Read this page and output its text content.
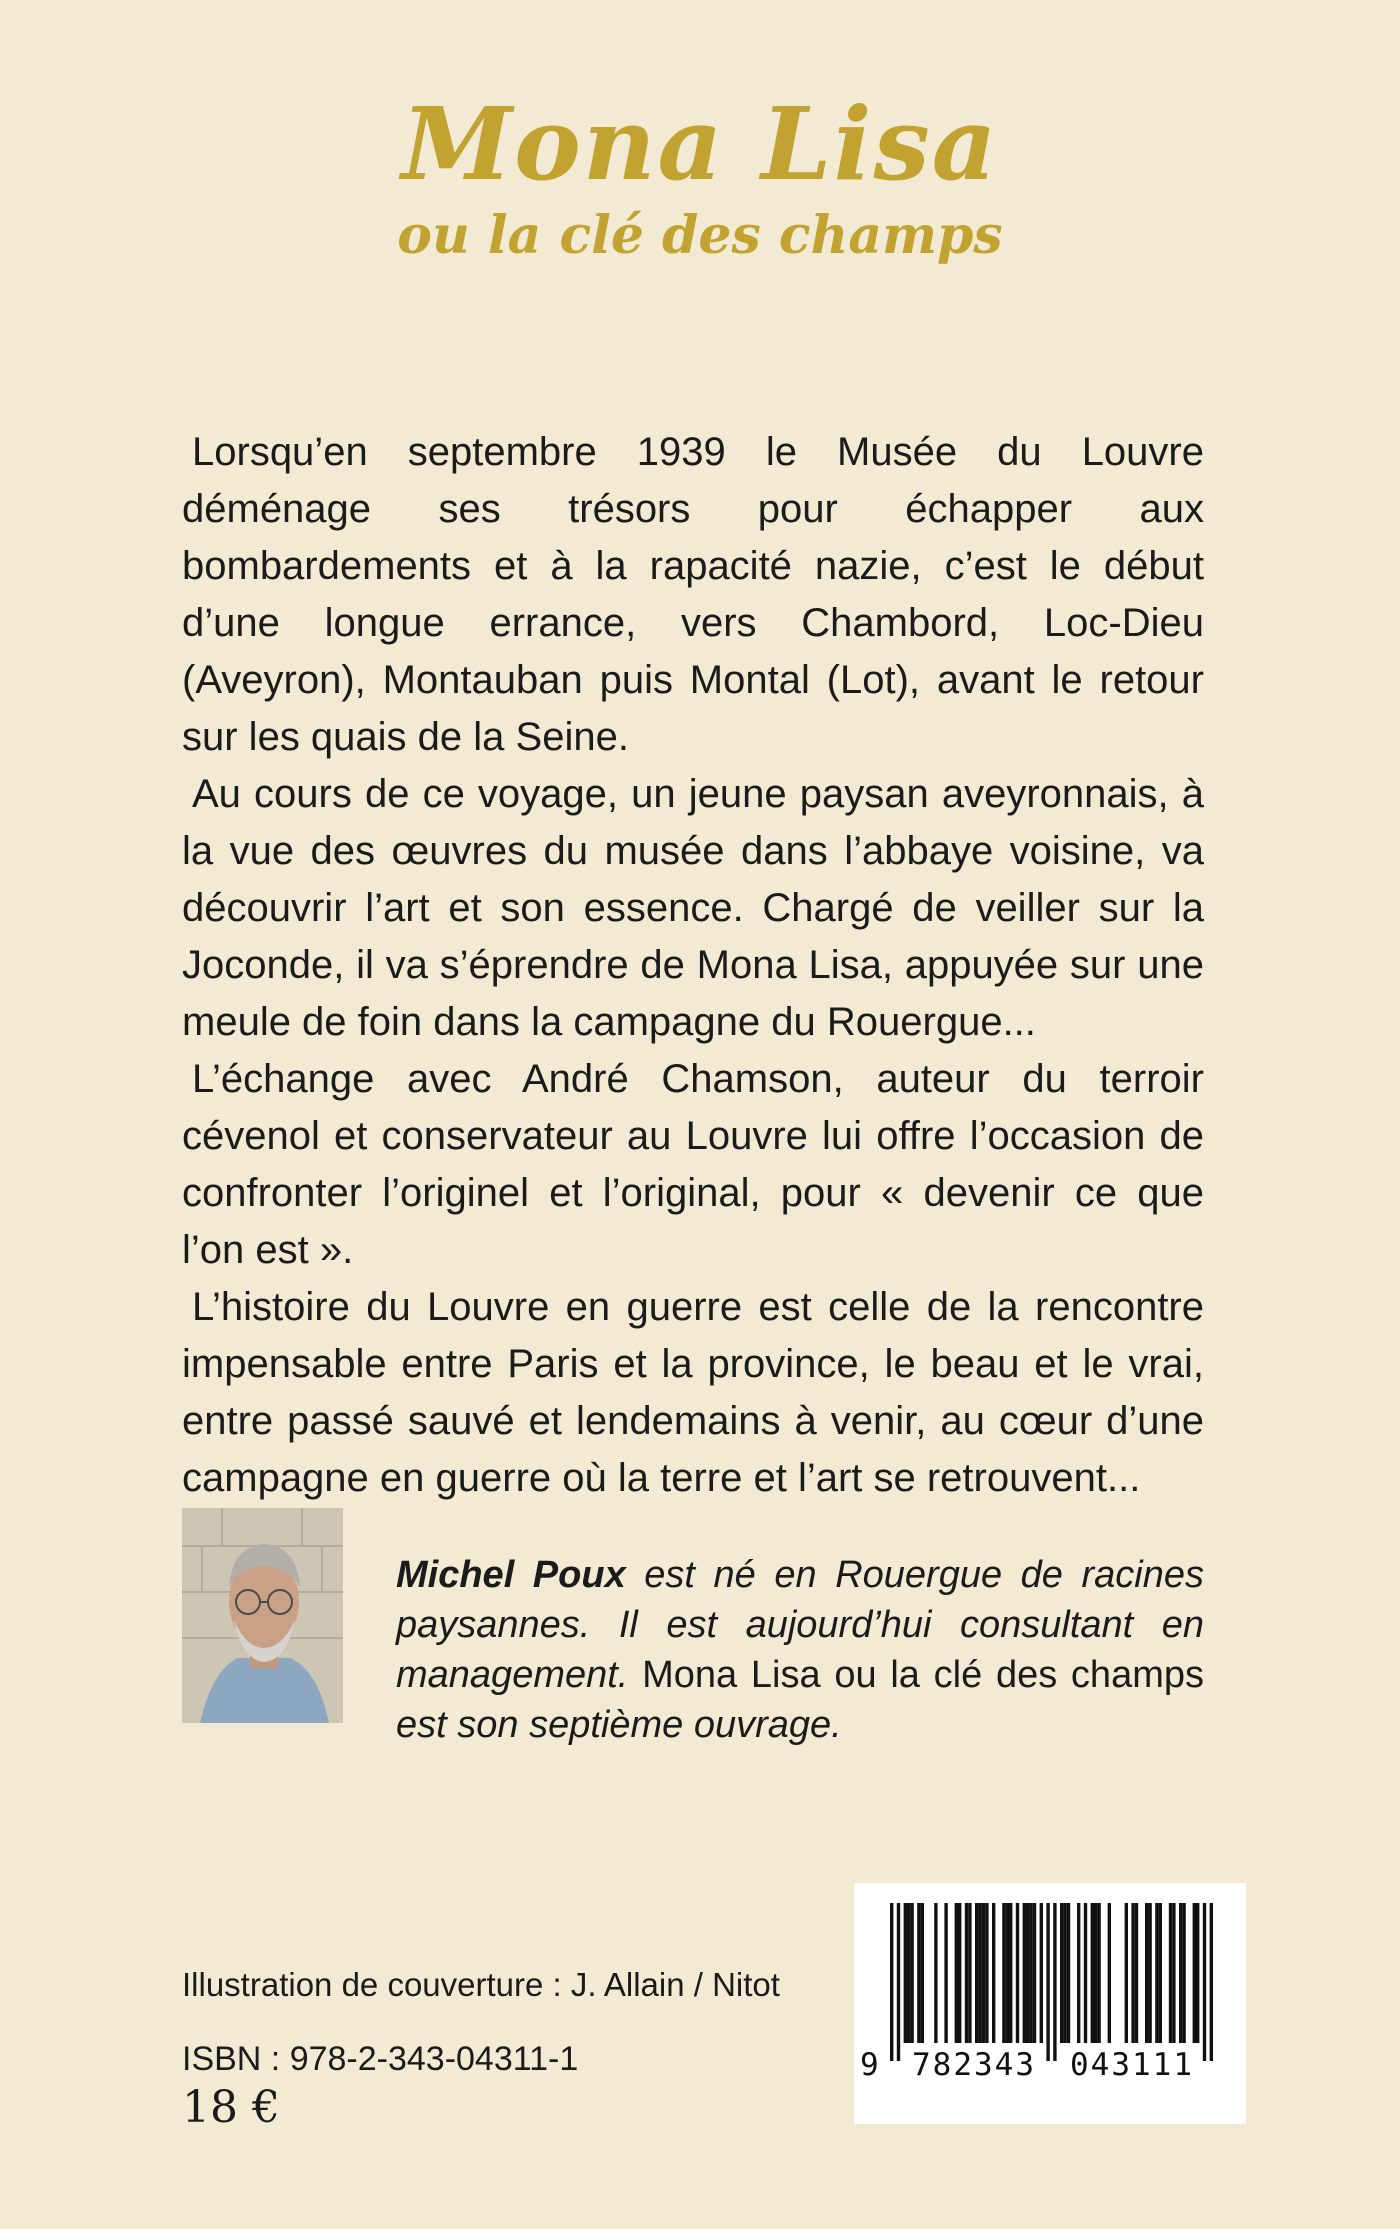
Mona Lisa
ou la clé des champs

Lorsqu’en septembre 1939 le Musée du Louvre déménage ses trésors pour échapper aux bombardements et à la rapacité nazie, c’est le début d’une longue errance, vers Chambord, Loc-Dieu (Aveyron), Montauban puis Montal (Lot), avant le retour sur les quais de la Seine.

Au cours de ce voyage, un jeune paysan aveyronnais, à la vue des œuvres du musée dans l’abbaye voisine, va découvrir l’art et son essence. Chargé de veiller sur la Joconde, il va s’éprendre de Mona Lisa, appuyée sur une meule de foin dans la campagne du Rouergue...

L’échange avec André Chamson, auteur du terroir cévenol et conservateur au Louvre lui offre l’occasion de confronter l’originel et l’original, pour « devenir ce que l’on est ».

L’histoire du Louvre en guerre est celle de la rencontre impensable entre Paris et la province, le beau et le vrai, entre passé sauvé et lendemains à venir, au cœur d’une campagne en guerre où la terre et l’art se retrouvent...

Michel Poux est né en Rouergue de racines paysannes. Il est aujourd’hui consultant en management. Mona Lisa ou la clé des champs est son septième ouvrage.
Illustration de couverture : J. Allain / Nitot
ISBN : 978-2-343-04311-1
18 €
9	782343	043111
